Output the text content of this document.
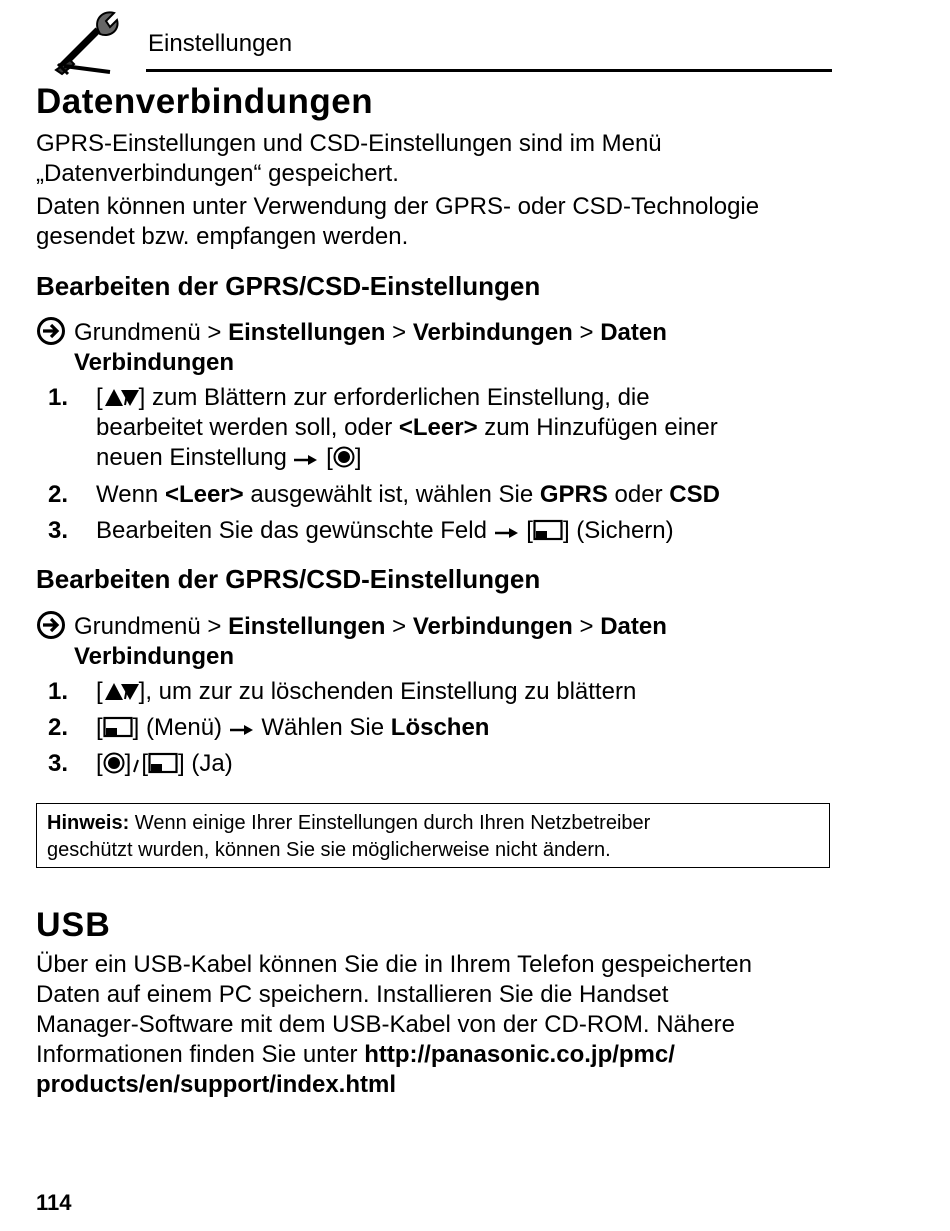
Einstellungen
Datenverbindungen
GPRS-Einstellungen und CSD-Einstellungen sind im Menü
„Datenverbindungen“ gespeichert.
Daten können unter Verwendung der GPRS- oder CSD-Technologie
gesendet bzw. empfangen werden.
Bearbeiten der GPRS/CSD-Einstellungen
Grundmenü > Einstellungen > Verbindungen > Daten
Verbindungen
1. [ ] zum Blättern zur erforderlichen Einstellung, die
bearbeitet werden soll, oder <Leer> zum Hinzufügen einer
neuen Einstellung  [ ]
2. Wenn <Leer> ausgewählt ist, wählen Sie GPRS oder CSD
3. Bearbeiten Sie das gewünschte Feld  [ ] (Sichern)
Bearbeiten der GPRS/CSD-Einstellungen
Grundmenü > Einstellungen > Verbindungen > Daten
Verbindungen
1. [ ], um zur zu löschenden Einstellung zu blättern
2. [ ] (Menü)  Wählen Sie Löschen
3. [ ] [ ] (Ja)
Hinweis: Wenn einige Ihrer Einstellungen durch Ihren Netzbetreiber
geschützt wurden, können Sie sie möglicherweise nicht ändern.
USB
Über ein USB-Kabel können Sie die in Ihrem Telefon gespeicherten
Daten auf einem PC speichern. Installieren Sie die Handset
Manager-Software mit dem USB-Kabel von der CD-ROM. Nähere
Informationen finden Sie unter http://panasonic.co.jp/pmc/
products/en/support/index.html
114
